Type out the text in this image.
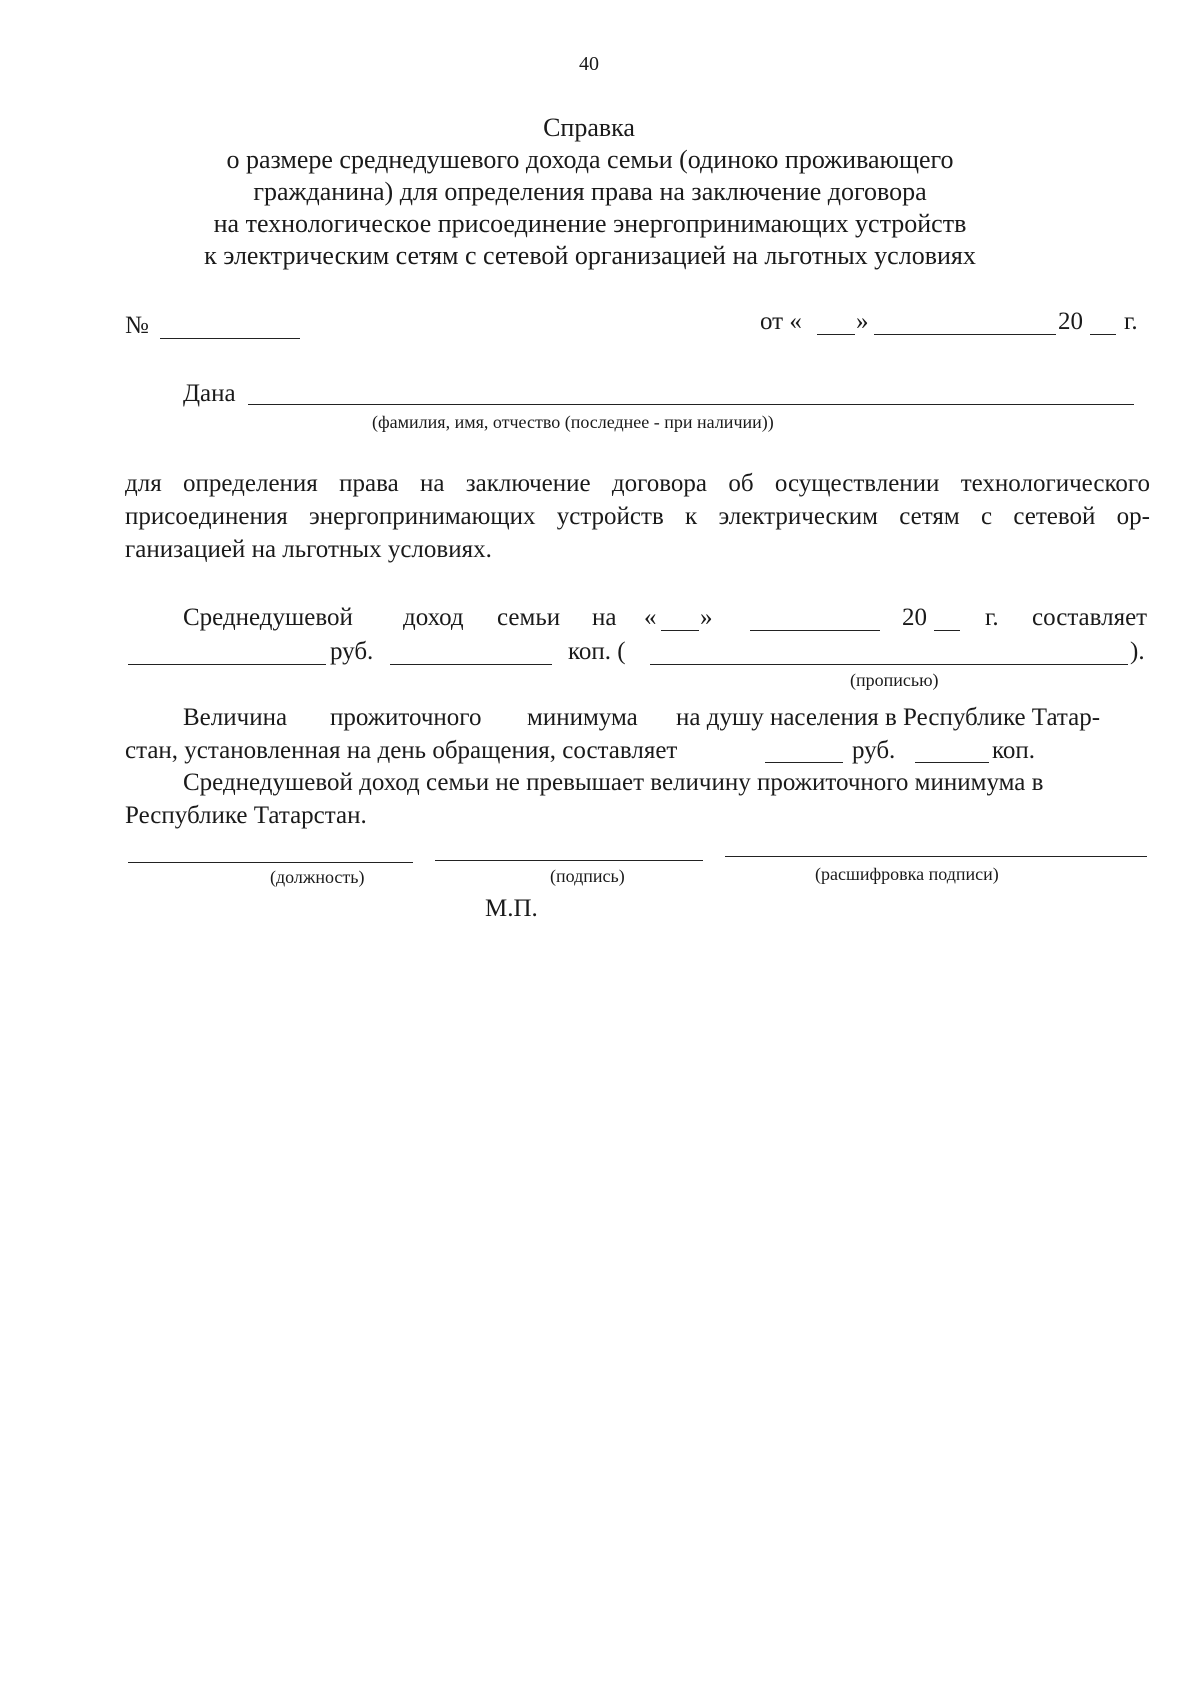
40
Справка
о размере среднедушевого дохода семьи (одиноко проживающего
гражданина) для определения права на заключение договора
на технологическое присоединение энергопринимающих устройств
к электрическим сетям с сетевой организацией на льготных условиях
№	от « »	20 г.
Дана
(фамилия, имя, отчество (последнее - при наличии))
для определения права на заключение договора об осуществлении технологического
присоединения энергопринимающих устройств к электрическим сетям с сетевой ор-
ганизацией на льготных условиях.
Среднедушевой доход семьи на « »	20 г. составляет
руб.	коп. (	).
(прописью)
Величина прожиточного минимума на душу населения в Республике Татар-
стан, установленная на день обращения, составляет	руб.	коп.
Среднедушевой доход семьи не превышает величину прожиточного минимума в
Республике Татарстан.
(должность)	(подпись)	(расшифровка подписи)
М.П.
